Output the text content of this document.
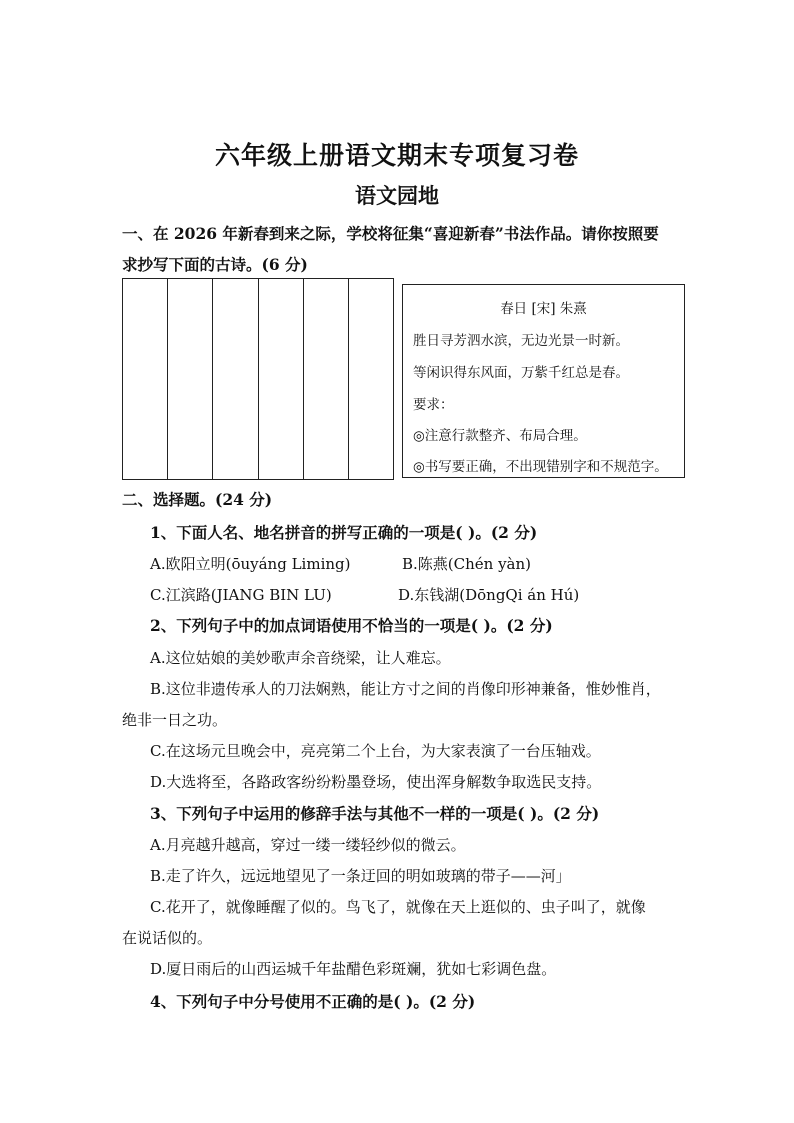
六年级上册语文期末专项复习卷
语文园地
一、在 2026 年新春到来之际，学校将征集“喜迎新春”书法作品。请你按照要
求抄写下面的古诗。(6 分)
春日 [宋] 朱熹
胜日寻芳泗水滨，无边光景一时新。
等闲识得东风面，万紫千红总是春。
要求：
◎注意行款整齐、布局合理。
◎书写要正确，不出现错别字和不规范字。
二、选择题。(24 分)
1、下面人名、地名拼音的拼写正确的一项是( )。(2 分)
A.欧阳立明(ōuyáng Liming)	B.陈燕(Chén yàn)
C.江滨路(JIANG BIN LU)	D.东钱湖(DōngQi án Hú)
2、下列句子中的加点词语使用不恰当的一项是( )。(2 分)
A.这位姑娘的美妙歌声余音绕梁，让人难忘。
B.这位非遗传承人的刀法娴熟，能让方寸之间的肖像印形神兼备，惟妙惟肖，
绝非一日之功。
C.在这场元旦晚会中，亮亮第二个上台，为大家表演了一台压轴戏。
D.大选将至，各路政客纷纷粉墨登场，使出浑身解数争取选民支持。
3、下列句子中运用的修辞手法与其他不一样的一项是( )。(2 分)
A.月亮越升越高，穿过一缕一缕轻纱似的微云。
B.走了许久，远远地望见了一条迂回的明如玻璃的带子——河」
C.花开了，就像睡醒了似的。鸟飞了，就像在天上逛似的、虫子叫了，就像
在说话似的。
D.厦日雨后的山西运城千年盐醋色彩斑斓，犹如七彩调色盘。
4、下列句子中分号使用不正确的是( )。(2 分)
